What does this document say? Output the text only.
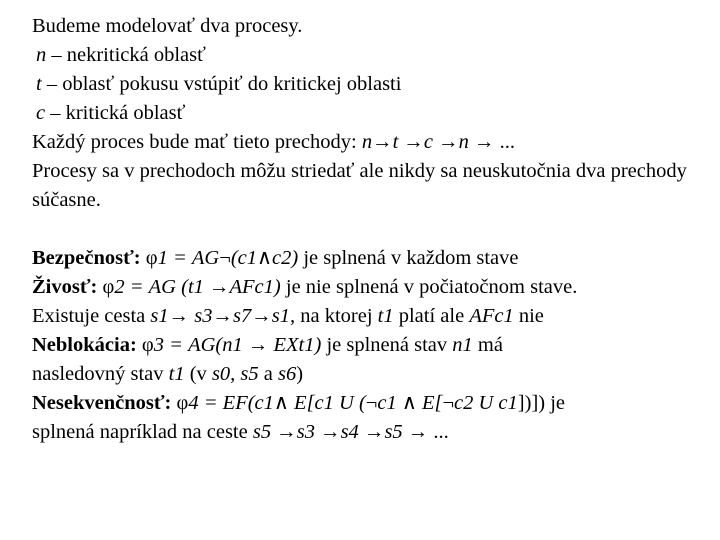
Budeme modelovať dva procesy.
n – nekritická oblasť
t – oblasť pokusu vstúpiť do kritickej oblasti
c – kritická oblasť
Každý proces bude mať tieto prechody: n→t →c →n → ...
Procesy sa v prechodoch môžu striedať ale nikdy sa neuskutočnia dva prechody súčasne.
Bezpečnosť: φ1 = AG¬(c1∧c2) je splnená v každom stave
Živosť: φ2 = AG (t1 →AFc1) je nie splnená v počiatočnom stave.
Existuje cesta s1→ s3→s7→s1, na ktorej t1 platí ale AFc1 nie
Neblokácia: φ3 = AG(n1 → EXt1) je splnená stav n1 má
nasledovný stav t1 (v s0, s5 a s6)
Nesekvenčnosť: φ4 = EF(c1∧ E[c1 U (¬c1 ∧ E[¬c2 U c1])]) je
splnená napríklad na ceste s5 →s3 →s4 →s5 → ...
